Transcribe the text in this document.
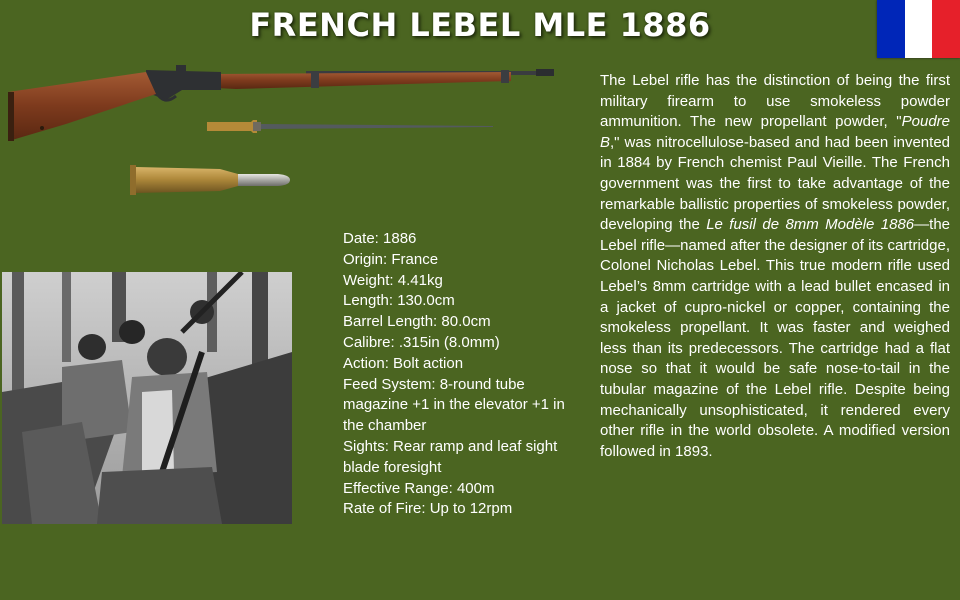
FRENCH LEBEL MLE 1886
Date: 1886
Origin: France
Weight: 4.41kg
Length: 130.0cm
Barrel Length: 80.0cm
Calibre: .315in (8.0mm)
Action: Bolt action
Feed System: 8-round tube magazine +1 in the elevator +1 in the chamber
Sights: Rear ramp and leaf sight blade foresight
Effective Range: 400m
Rate of Fire: Up to 12rpm
The Lebel rifle has the distinction of being the first military firearm to use smokeless powder ammunition. The new propellant powder, "Poudre B," was nitrocellulose-based and had been invented in 1884 by French chemist Paul Vieille. The French government was the first to take advantage of the remarkable ballistic properties of smokeless powder, developing the Le fusil de 8mm Modèle 1886—the Lebel rifle—named after the designer of its cartridge, Colonel Nicholas Lebel. This true modern rifle used Lebel’s 8mm cartridge with a lead bullet encased in a jacket of cupro-nickel or copper, containing the smokeless propellant. It was faster and weighed less than its predecessors. The cartridge had a flat nose so that it would be safe nose-to-tail in the tubular magazine of the Lebel rifle. Despite being mechanically unsophisticated, it rendered every other rifle in the world obsolete. A modified version followed in 1893.
